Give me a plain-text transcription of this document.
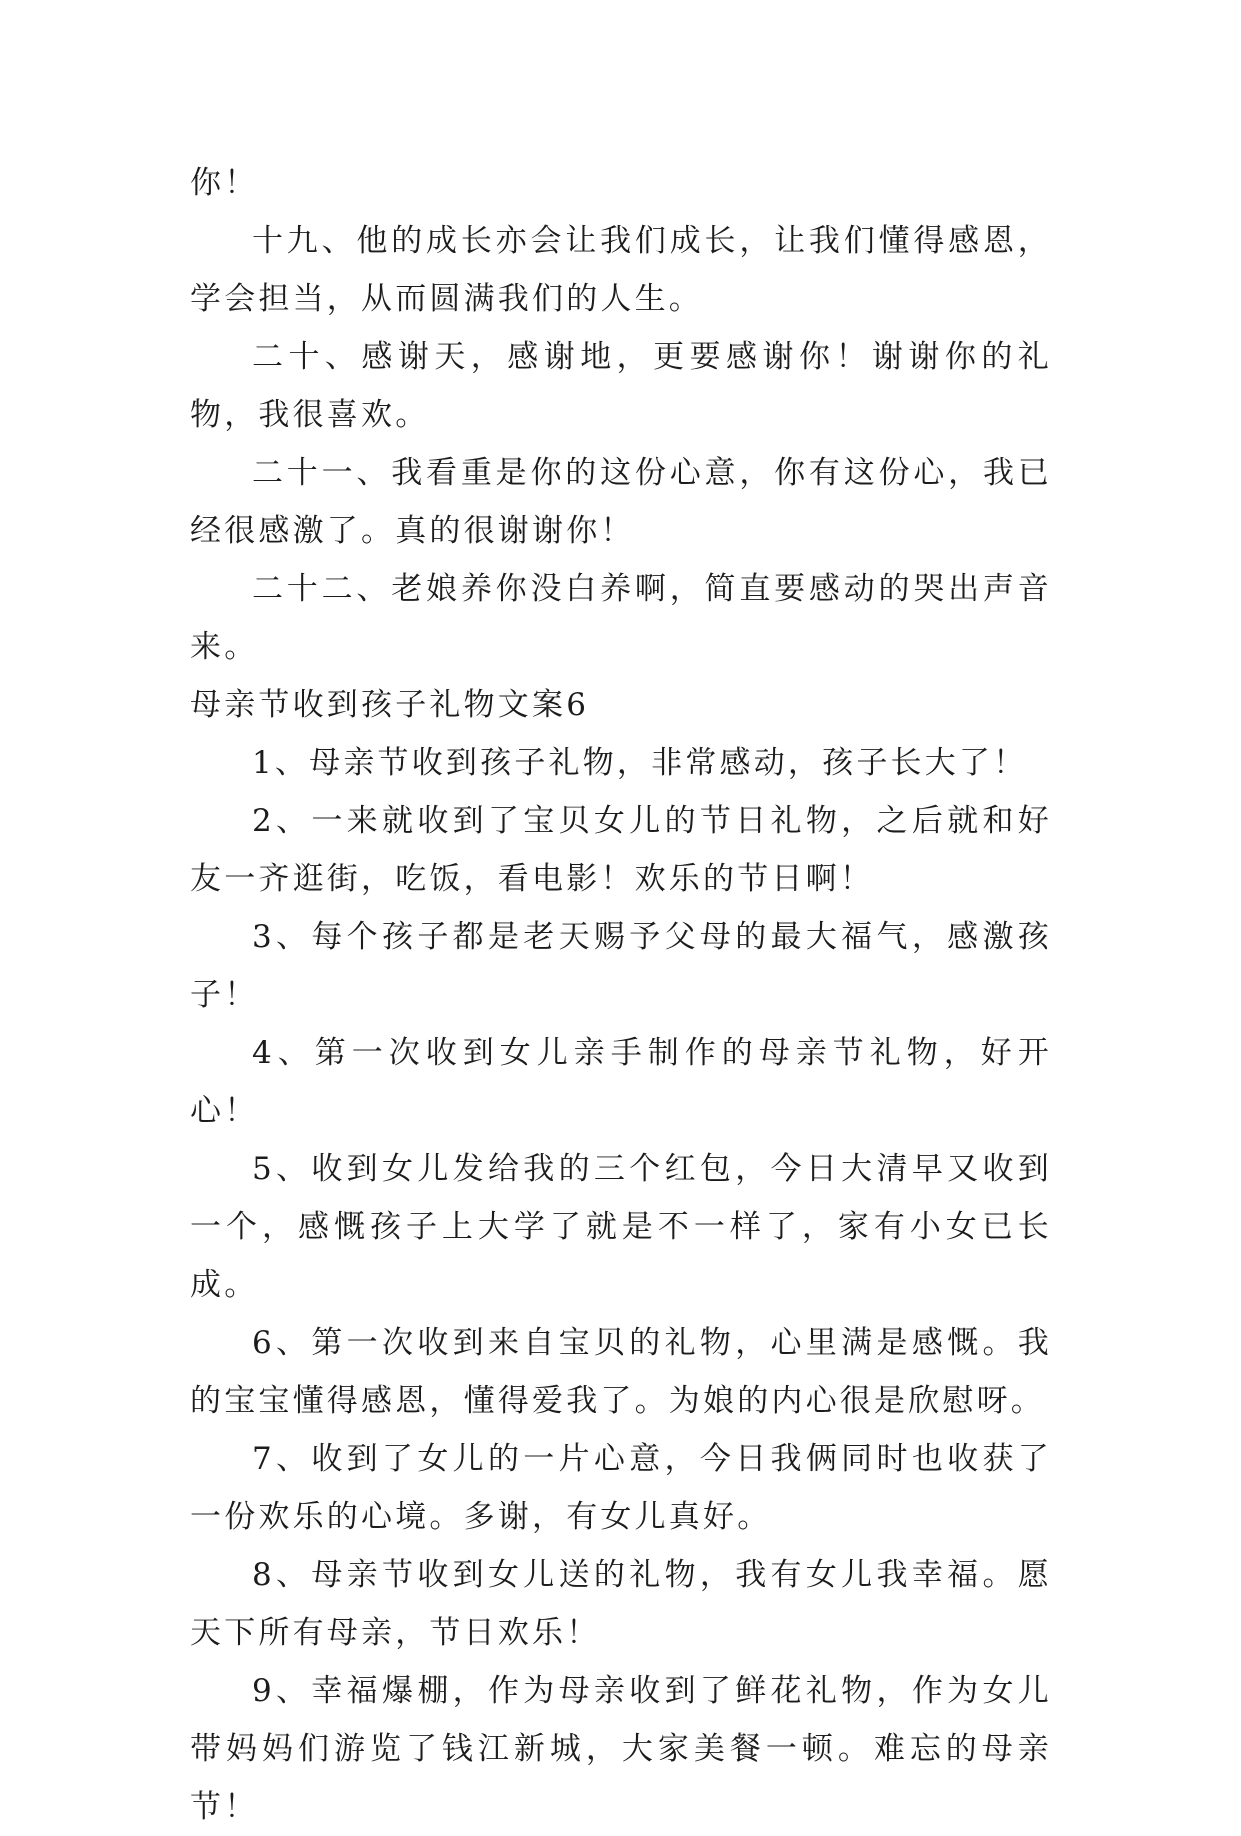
你！

十九、他的成长亦会让我们成长，让我们懂得感恩，学会担当，从而圆满我们的人生。

二十、感谢天，感谢地，更要感谢你！谢谢你的礼物，我很喜欢。

二十一、我看重是你的这份心意，你有这份心，我已经很感激了。真的很谢谢你！

二十二、老娘养你没白养啊，简直要感动的哭出声音来。

母亲节收到孩子礼物文案6

1、母亲节收到孩子礼物，非常感动，孩子长大了！

2、一来就收到了宝贝女儿的节日礼物，之后就和好友一齐逛街，吃饭，看电影！欢乐的节日啊！

3、每个孩子都是老天赐予父母的最大福气，感激孩子！

4、第一次收到女儿亲手制作的母亲节礼物，好开心！

5、收到女儿发给我的三个红包，今日大清早又收到一个，感慨孩子上大学了就是不一样了，家有小女已长成。

6、第一次收到来自宝贝的礼物，心里满是感慨。我的宝宝懂得感恩，懂得爱我了。为娘的内心很是欣慰呀。

7、收到了女儿的一片心意，今日我俩同时也收获了一份欢乐的心境。多谢，有女儿真好。

8、母亲节收到女儿送的礼物，我有女儿我幸福。愿天下所有母亲，节日欢乐！

9、幸福爆棚，作为母亲收到了鲜花礼物，作为女儿带妈妈们游览了钱江新城，大家美餐一顿。难忘的母亲节！
